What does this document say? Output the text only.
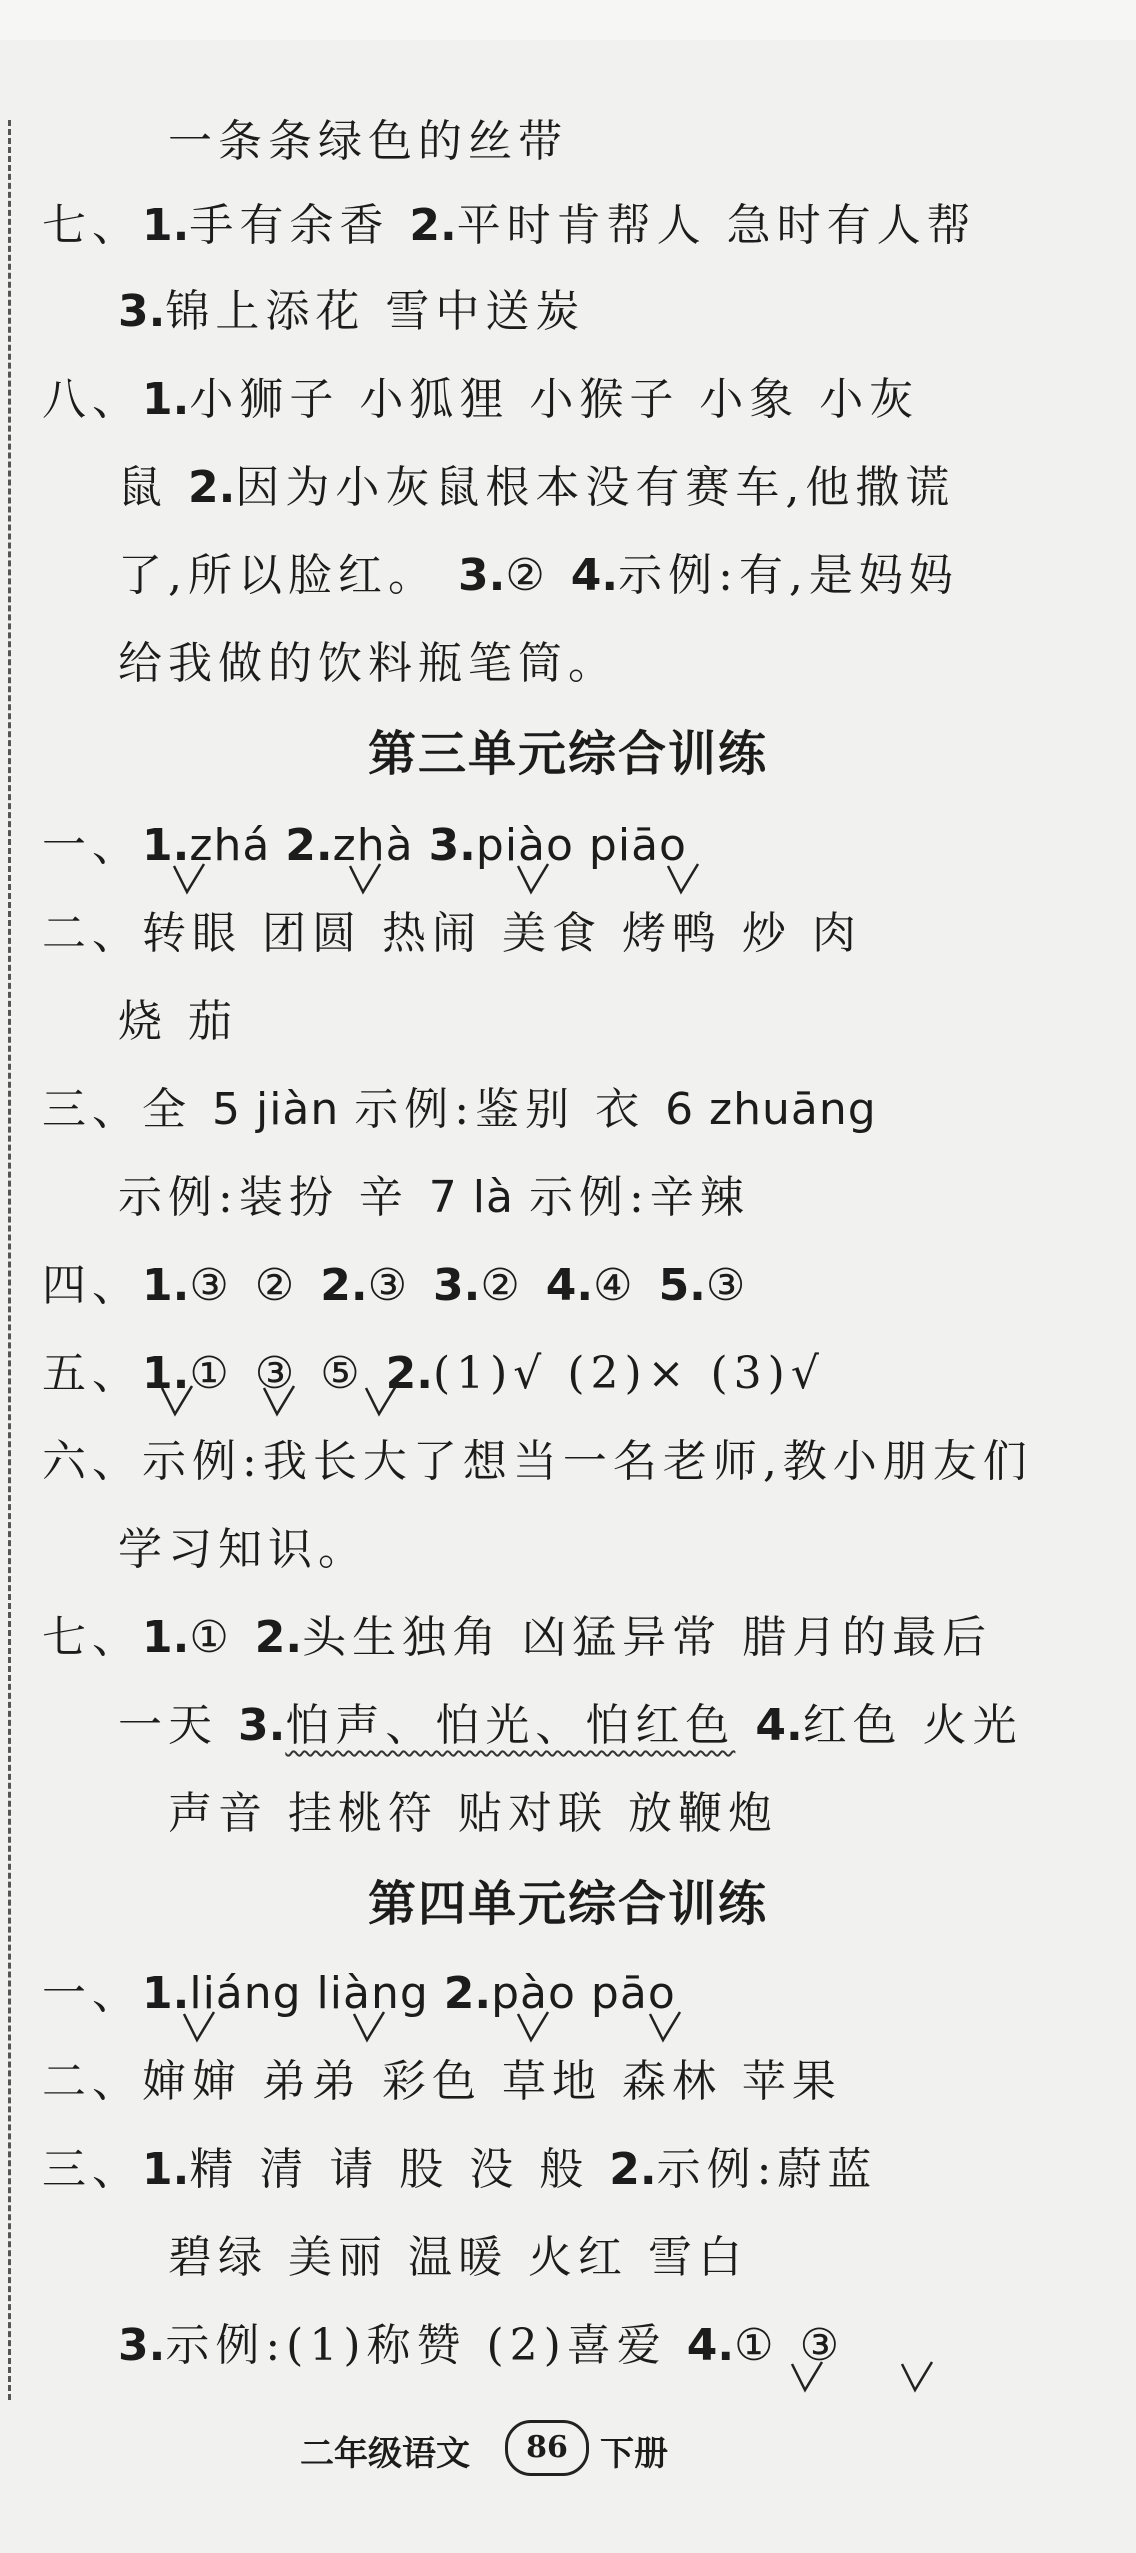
一条条绿色的丝带
七、1.手有余香 2.平时肯帮人 急时有人帮
3.锦上添花 雪中送炭
八、1.小狮子 小狐狸 小猴子 小象 小灰
鼠 2.因为小灰鼠根本没有赛车,他撒谎
了,所以脸红。 3.② 4.示例:有,是妈妈
给我做的饮料瓶笔筒。
第三单元综合训练
一、1.zhá 2.zhà 3.piào piāo
二、转眼 团圆 热闹 美食 烤鸭 炒 肉
烧 茄
三、全 5 jiàn 示例:鉴别 衣 6 zhuāng
示例:装扮 辛 7 là 示例:辛辣
四、1.③ ② 2.③ 3.② 4.④ 5.③
五、1.① ③ ⑤ 2.(1)√ (2)× (3)√
六、示例:我长大了想当一名老师,教小朋友们
学习知识。
七、1.① 2.头生独角 凶猛异常 腊月的最后
一天 3.怕声、怕光、怕红色 4.红色 火光
声音 挂桃符 贴对联 放鞭炮
第四单元综合训练
一、1.liáng liàng 2.pào pāo
二、婶婶 弟弟 彩色 草地 森林 苹果
三、1.精 清 请 股 没 般 2.示例:蔚蓝
碧绿 美丽 温暖 火红 雪白
3.示例:(1)称赞 (2)喜爱 4.① ③
二年级语文	86 下册
